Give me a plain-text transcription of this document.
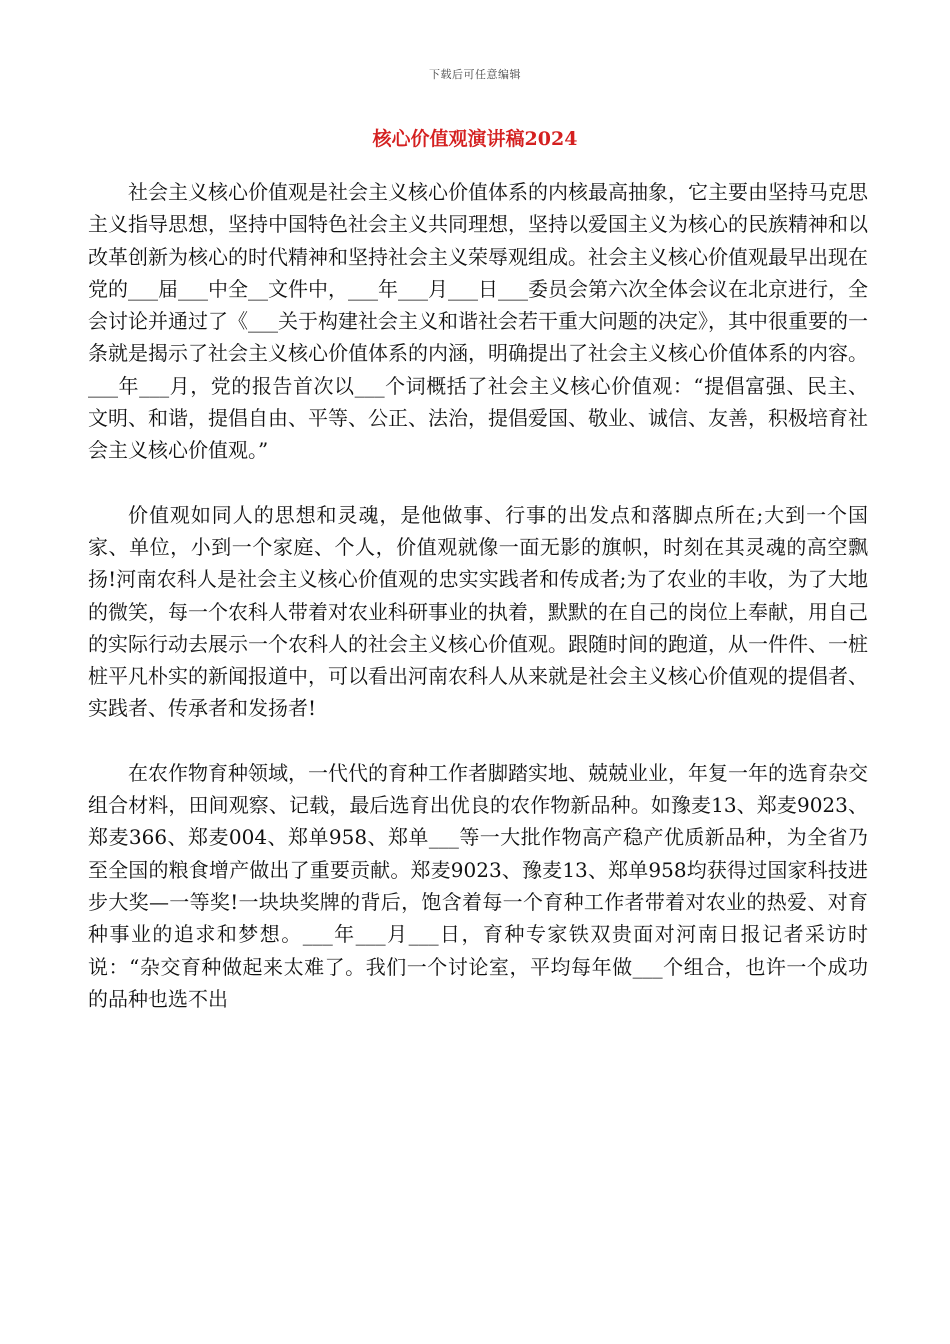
下载后可任意编辑
核心价值观演讲稿2024

社会主义核心价值观是社会主义核心价值体系的内核最高抽象，它主要由坚持马克思主义指导思想，坚持中国特色社会主义共同理想，坚持以爱国主义为核心的民族精神和以改革创新为核心的时代精神和坚持社会主义荣辱观组成。社会主义核心价值观最早出现在党的___届___中全__文件中，___年___月___日___委员会第六次全体会议在北京进行，全会讨论并通过了《___关于构建社会主义和谐社会若干重大问题的决定》，其中很重要的一条就是揭示了社会主义核心价值体系的内涵，明确提出了社会主义核心价值体系的内容。___年___月，党的报告首次以___个词概括了社会主义核心价值观：“提倡富强、民主、文明、和谐，提倡自由、平等、公正、法治，提倡爱国、敬业、诚信、友善，积极培育社会主义核心价值观。”

价值观如同人的思想和灵魂，是他做事、行事的出发点和落脚点所在;大到一个国家、单位，小到一个家庭、个人，价值观就像一面无影的旗帜，时刻在其灵魂的高空飘扬!河南农科人是社会主义核心价值观的忠实实践者和传成者;为了农业的丰收，为了大地的微笑，每一个农科人带着对农业科研事业的执着，默默的在自己的岗位上奉献，用自己的实际行动去展示一个农科人的社会主义核心价值观。跟随时间的跑道，从一件件、一桩桩平凡朴实的新闻报道中，可以看出河南农科人从来就是社会主义核心价值观的提倡者、实践者、传承者和发扬者!

在农作物育种领域，一代代的育种工作者脚踏实地、兢兢业业，年复一年的选育杂交组合材料，田间观察、记载，最后选育出优良的农作物新品种。如豫麦13、郑麦9023、郑麦366、郑麦004、郑单958、郑单___等一大批作物高产稳产优质新品种，为全省乃至全国的粮食增产做出了重要贡献。郑麦9023、豫麦13、郑单958均获得过国家科技进步大奖—一等奖!一块块奖牌的背后，饱含着每一个育种工作者带着对农业的热爱、对育种事业的追求和梦想。___年___月___日，育种专家铁双贵面对河南日报记者采访时说：“杂交育种做起来太难了。我们一个讨论室，平均每年做___个组合，也许一个成功的品种也选不出
